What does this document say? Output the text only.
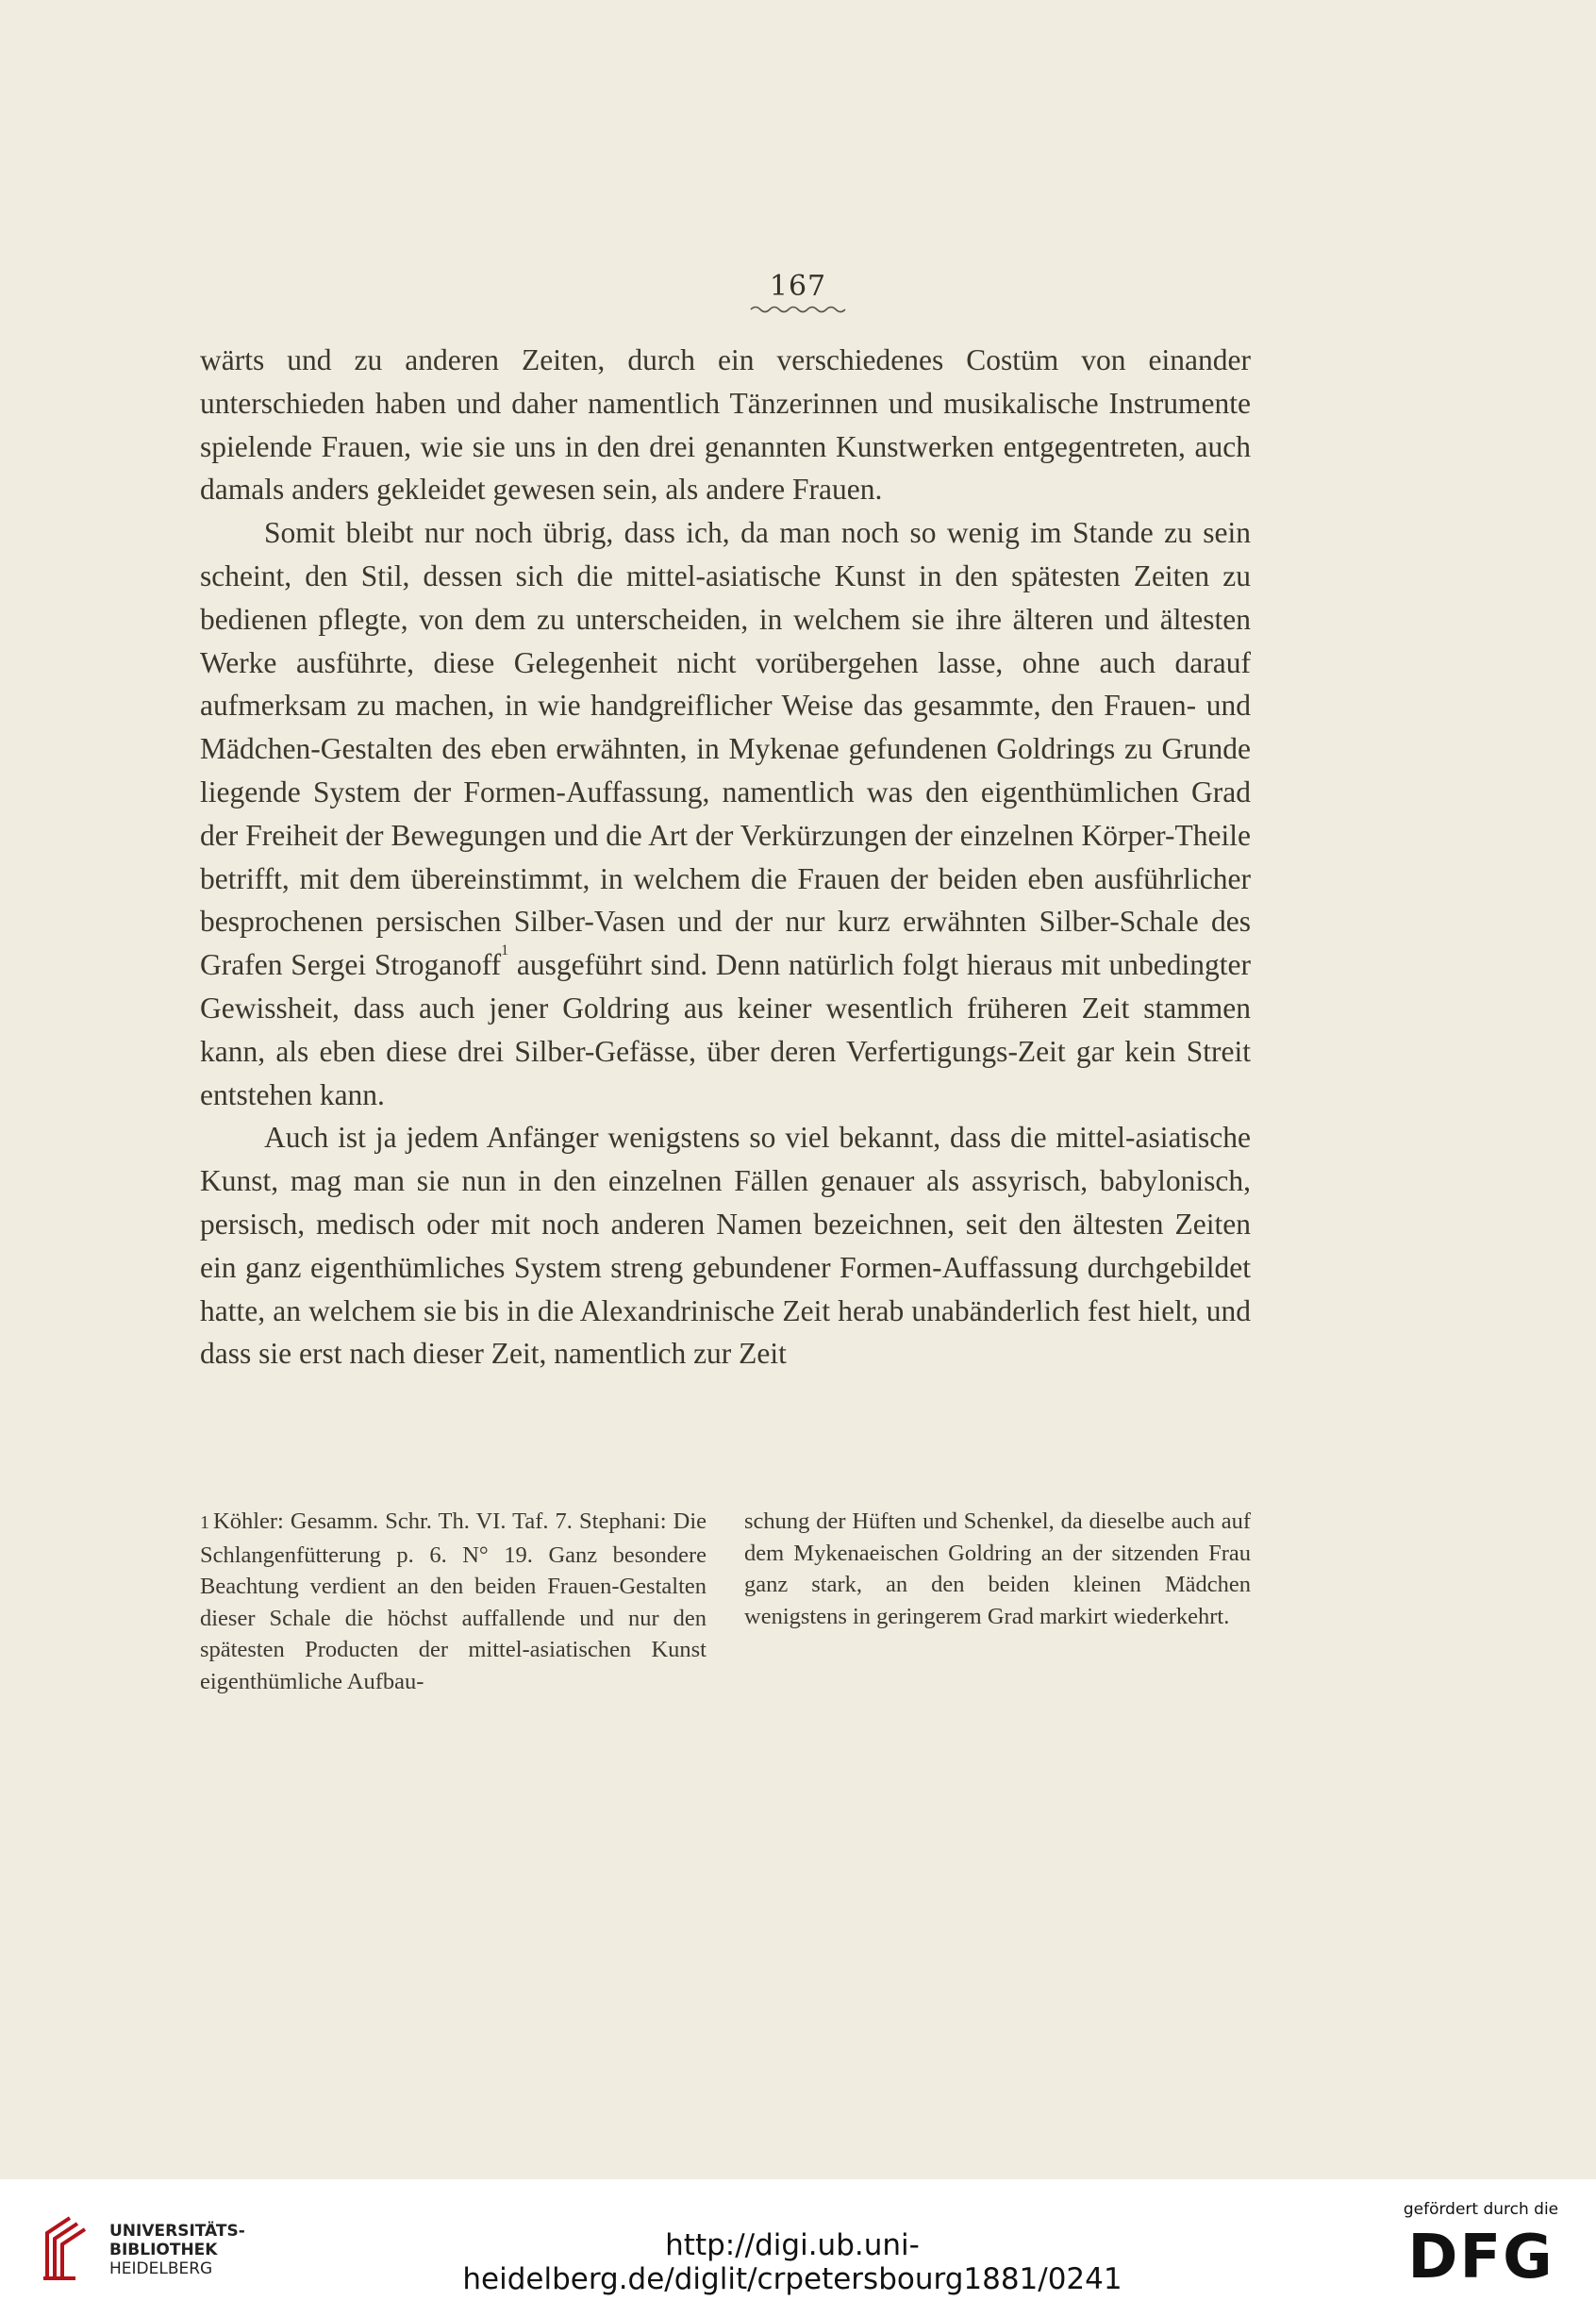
167

wärts und zu anderen Zeiten, durch ein verschiedenes Costüm von einander unterschieden haben und daher namentlich Tänzerinnen und musikalische Instrumente spielende Frauen, wie sie uns in den drei genannten Kunstwerken entgegentreten, auch damals anders gekleidet gewesen sein, als andere Frauen.

Somit bleibt nur noch übrig, dass ich, da man noch so wenig im Stande zu sein scheint, den Stil, dessen sich die mittel-asiatische Kunst in den spätesten Zeiten zu bedienen pflegte, von dem zu unterscheiden, in welchem sie ihre älteren und ältesten Werke ausführte, diese Gelegenheit nicht vorübergehen lasse, ohne auch darauf aufmerksam zu machen, in wie handgreiflicher Weise das gesammte, den Frauen- und Mädchen-Gestalten des eben erwähnten, in Mykenae gefundenen Goldrings zu Grunde liegende System der Formen-Auffassung, namentlich was den eigenthümlichen Grad der Freiheit der Bewegungen und die Art der Verkürzungen der einzelnen Körper-Theile betrifft, mit dem übereinstimmt, in welchem die Frauen der beiden eben ausführlicher besprochenen persischen Silber-Vasen und der nur kurz erwähnten Silber-Schale des Grafen Sergei Stroganoff$^1$ ausgeführt sind. Denn natürlich folgt hieraus mit unbedingter Gewissheit, dass auch jener Goldring aus keiner wesentlich früheren Zeit stammen kann, als eben diese drei Silber-Gefässe, über deren Verfertigungs-Zeit gar kein Streit entstehen kann.

Auch ist ja jedem Anfänger wenigstens so viel bekannt, dass die mittel-asiatische Kunst, mag man sie nun in den einzelnen Fällen genauer als assyrisch, babylonisch, persisch, medisch oder mit noch anderen Namen bezeichnen, seit den ältesten Zeiten ein ganz eigenthümliches System streng gebundener Formen-Auffassung durchgebildet hatte, an welchem sie bis in die Alexandrinische Zeit herab unabänderlich fest hielt, und dass sie erst nach dieser Zeit, namentlich zur Zeit

1 Köhler: Gesamm. Schr. Th. VI. Taf. 7. Stephani: Die Schlangenfütterung p. 6. N° 19. Ganz besondere Beachtung verdient an den beiden Frauen-Gestalten dieser Schale die höchst auffallende und nur den spätesten Producten der mittel-asiatischen Kunst eigenthümliche Aufbau-
schung der Hüften und Schenkel, da dieselbe auch auf dem Mykenaeischen Goldring an der sitzenden Frau ganz stark, an den beiden kleinen Mädchen wenigstens in geringerem Grad markirt wiederkehrt.
UNIVERSITÄTS-
BIBLIOTHEK
HEIDELBERG
http://digi.ub.uni-heidelberg.de/diglit/crpetersbourg1881/0241
gefördert durch die
DFG
